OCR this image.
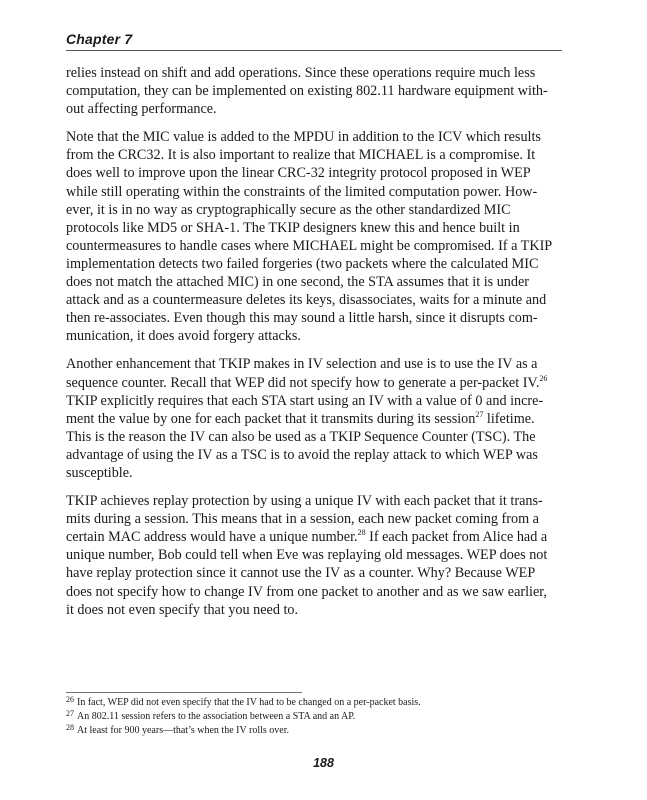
Chapter 7

relies instead on shift and add operations. Since these operations require much less computation, they can be implemented on existing 802.11 hardware equipment with-out affecting performance.

Note that the MIC value is added to the MPDU in addition to the ICV which results from the CRC32. It is also important to realize that MICHAEL is a compromise. It does well to improve upon the linear CRC-32 integrity protocol proposed in WEP while still operating within the constraints of the limited computation power. How-ever, it is in no way as cryptographically secure as the other standardized MIC protocols like MD5 or SHA-1. The TKIP designers knew this and hence built in countermeasures to handle cases where MICHAEL might be compromised. If a TKIP implementation detects two failed forgeries (two packets where the calculated MIC does not match the attached MIC) in one second, the STA assumes that it is under attack and as a countermeasure deletes its keys, disassociates, waits for a minute and then re-associates. Even though this may sound a little harsh, since it disrupts com-munication, it does avoid forgery attacks.

Another enhancement that TKIP makes in IV selection and use is to use the IV as a sequence counter. Recall that WEP did not specify how to generate a per-packet IV.$^{26}$ TKIP explicitly requires that each STA start using an IV with a value of 0 and incre-ment the value by one for each packet that it transmits during its session$^{27}$ lifetime. This is the reason the IV can also be used as a TKIP Sequence Counter (TSC). The advantage of using the IV as a TSC is to avoid the replay attack to which WEP was susceptible.

TKIP achieves replay protection by using a unique IV with each packet that it trans-mits during a session. This means that in a session, each new packet coming from a certain MAC address would have a unique number.$^{28}$ If each packet from Alice had a unique number, Bob could tell when Eve was replaying old messages. WEP does not have replay protection since it cannot use the IV as a counter. Why? Because WEP does not specify how to change IV from one packet to another and as we saw earlier, it does not even specify that you need to.

$^{26}$ In fact, WEP did not even specify that the IV had to be changed on a per-packet basis.
$^{27}$ An 802.11 session refers to the association between a STA and an AP.
$^{28}$ At least for 900 years—that’s when the IV rolls over.
188
